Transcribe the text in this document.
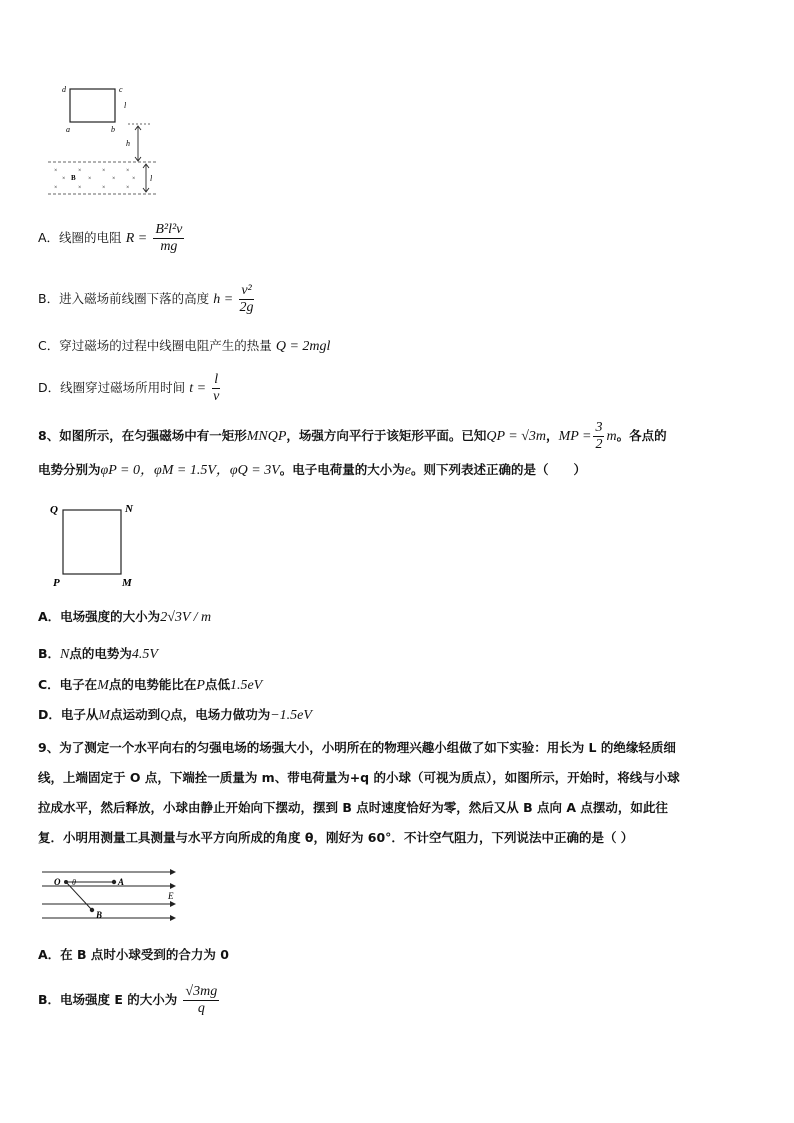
d	c
a	b
l
h
×	×	×	×
×	×	×	×
×	×	×	×
B	l
A．线圈的电阻 $R = \frac{\text{B²l²v}}{mg}$
B．进入磁场前线圈下落的高度 $h = \frac{\text{v²}}{2g}$
C．穿过磁场的过程中线圈电阻产生的热量 Q = 2mgl
D．线圈穿过磁场所用时间 $t = \frac{l}{v}$
8、如图所示，在匀强磁场中有一矩形MNQP，场强方向平行于该矩形平面。已知QP = √3m，MP = $\frac{3}{2}$ m。各点的
电势分别为φP = 0，φM = 1.5V，φQ = 3V。电子电荷量的大小为e。则下列表述正确的是（　　）
Q	N
P	M
A．电场强度的大小为2√3V / m
B．N点的电势为4.5V
C．电子在M点的电势能比在P点低1.5eV
D．电子从M点运动到Q点，电场力做功为−1.5eV
9、为了测定一个水平向右的匀强电场的场强大小，小明所在的物理兴趣小组做了如下实验：用长为 L 的绝缘轻质细
线，上端固定于 O 点，下端拴一质量为 m、带电荷量为+q 的小球（可视为质点），如图所示，开始时，将线与小球
拉成水平，然后释放，小球由静止开始向下摆动，摆到 B 点时速度恰好为零，然后又从 B 点向 A 点摆动，如此往
复．小明用测量工具测量与水平方向所成的角度 θ，刚好为 60°．不计空气阻力，下列说法中正确的是（ ）
O θ	A
B
E
A．在 B 点时小球受到的合力为 0
B．电场强度 E 的大小为 $\frac{√3mg}{q}$
